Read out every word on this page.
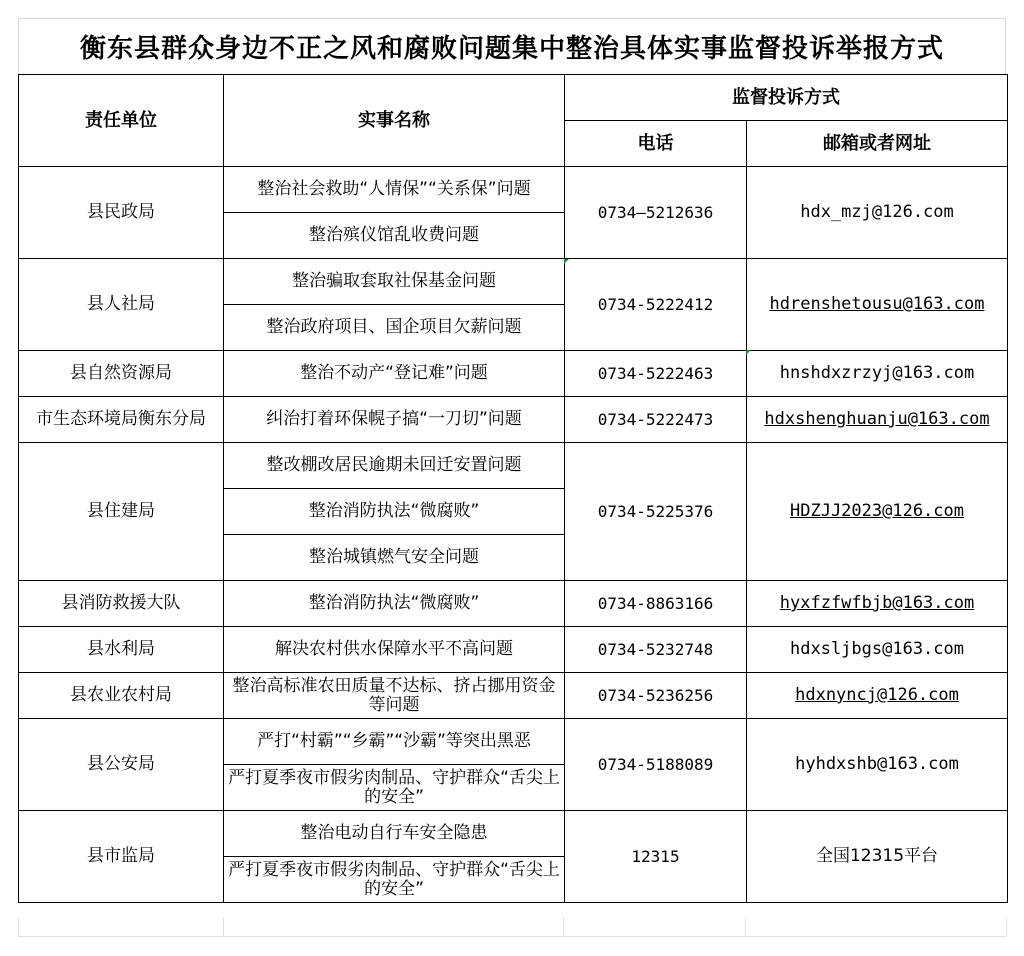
衡东县群众身边不正之风和腐败问题集中整治具体实事监督投诉举报方式
责任单位	实事名称	监督投诉方式	
		电话	邮箱或者网址
县民政局	整治社会救助“人情保”“关系保”问题	0734—5212636	hdx_mzj@126.com
	整治殡仪馆乱收费问题		
县人社局	整治骗取套取社保基金问题	0734-5222412	hdrenshetousu@163.com
	整治政府项目、国企项目欠薪问题		
县自然资源局	整治不动产“登记难”问题	0734-5222463	hnshdxzrzyj@163.com
市生态环境局衡东分局	纠治打着环保幌子搞“一刀切”问题	0734-5222473	hdxshenghuanju@163.com
县住建局	整改棚改居民逾期未回迁安置问题	0734-5225376	HDZJJ2023@126.com
	整治消防执法“微腐败”		
	整治城镇燃气安全问题		
县消防救援大队	整治消防执法“微腐败”	0734-8863166	hyxfzfwfbjb@163.com
县水利局	解决农村供水保障水平不高问题	0734-5232748	hdxsljbgs@163.com
县农业农村局	整治高标准农田质量不达标、挤占挪用资金等问题	0734-5236256	hdxnyncj@126.com
县公安局	严打“村霸”“乡霸”“沙霸”等突出黑恶	0734-5188089	hyhdxshb@163.com
	严打夏季夜市假劣肉制品、守护群众“舌尖上的安全”		
县市监局	整治电动自行车安全隐患	12315	全国12315平台
	严打夏季夜市假劣肉制品、守护群众“舌尖上的安全”		
